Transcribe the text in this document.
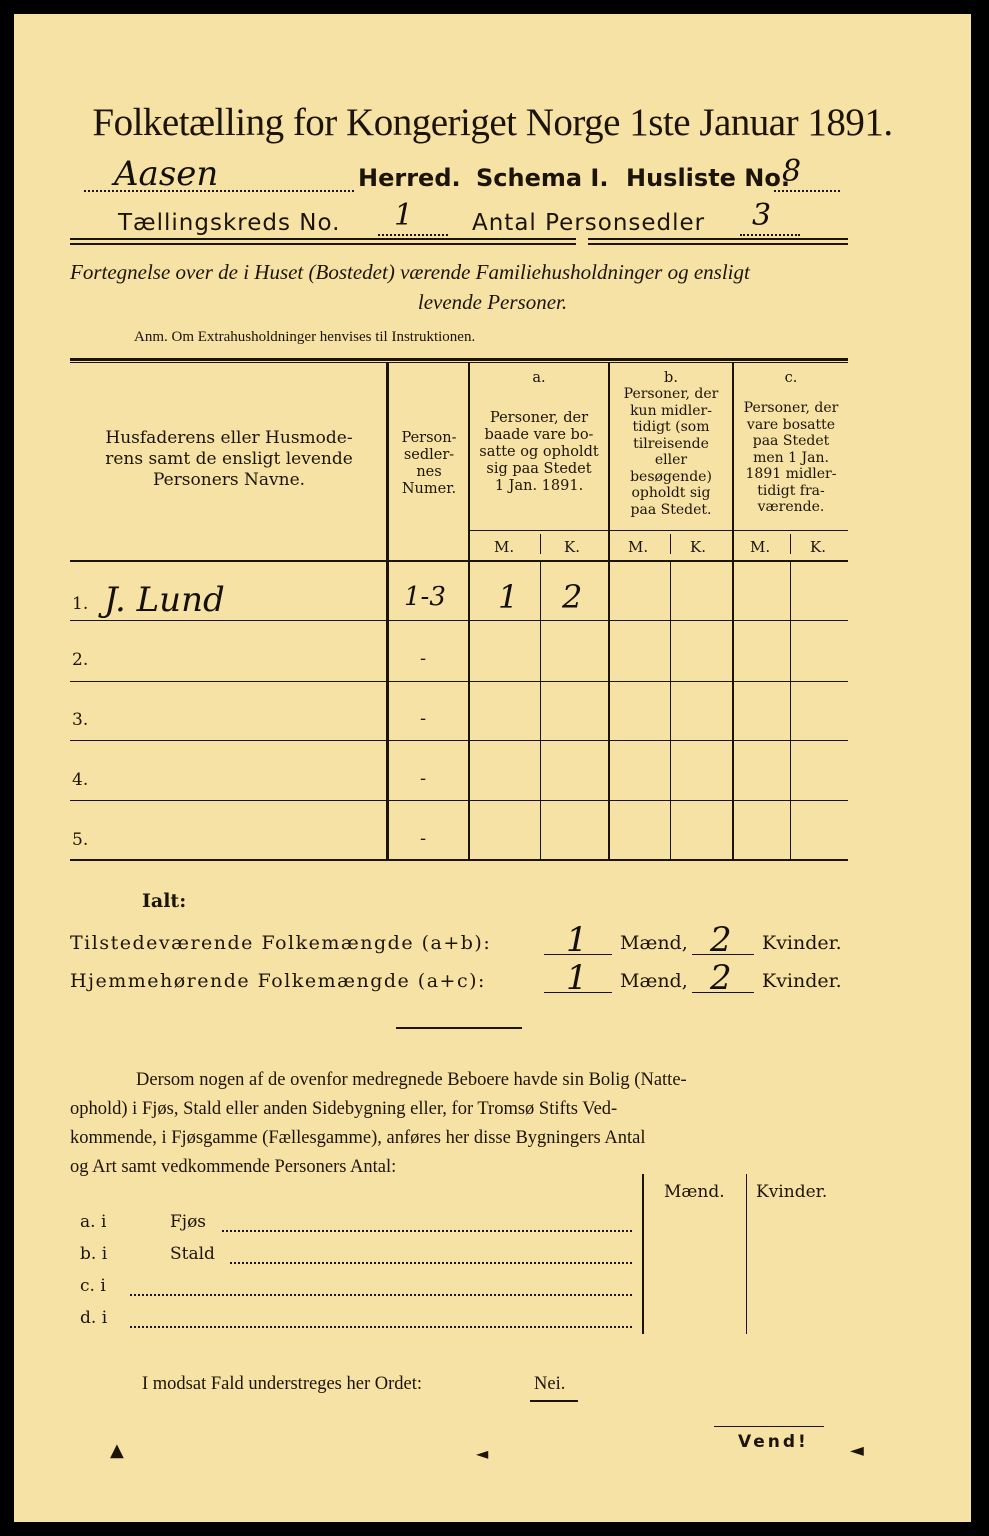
Folketælling for Kongeriget Norge 1ste Januar 1891.
Aasen	Herred. Schema I. Husliste No.
8
Tællingskreds No. 1	Antal Personsedler 3
Fortegnelse over de i Huset (Bostedet) værende Familiehusholdninger og ensligt
levende Personer.
Anm. Om Extrahusholdninger henvises til Instruktionen.
Husfaderens eller Husmode-
rens samt de ensligt levende
Personers Navne.
Person-
sedler-
nes
Numer.
a.
Personer, der
baade vare bo-
satte og opholdt
sig paa Stedet
1 Jan. 1891.
b.
Personer, der
kun midler-
tidigt (som
tilreisende
eller
besøgende)
opholdt sig
paa Stedet.
c.
Personer, der
vare bosatte
paa Stedet
men 1 Jan.
1891 midler-
tidigt fra-
værende.
M.	K.	M.	K.	M.	K.
1. J. Lund	1-3 1 2
2.	-
3.	-
4.	-
5.	-
Ialt:
Tilstedeværende Folkemængde (a+b): 1 Mænd, 2 Kvinder.
Hjemmehørende Folkemængde (a+c): 1 Mænd, 2 Kvinder.
Dersom nogen af de ovenfor medregnede Beboere havde sin Bolig (Natte-
ophold) i Fjøs, Stald eller anden Sidebygning eller, for Tromsø Stifts Ved-
kommende, i Fjøsgamme (Fællesgamme), anføres her disse Bygningers Antal
og Art samt vedkommende Personers Antal:
Mænd. Kvinder.
a. i	Fjøs
b. i	Stald
c. i
d. i
I modsat Fald understreges her Ordet:	Nei.
Vend!
▲	◄	◄
